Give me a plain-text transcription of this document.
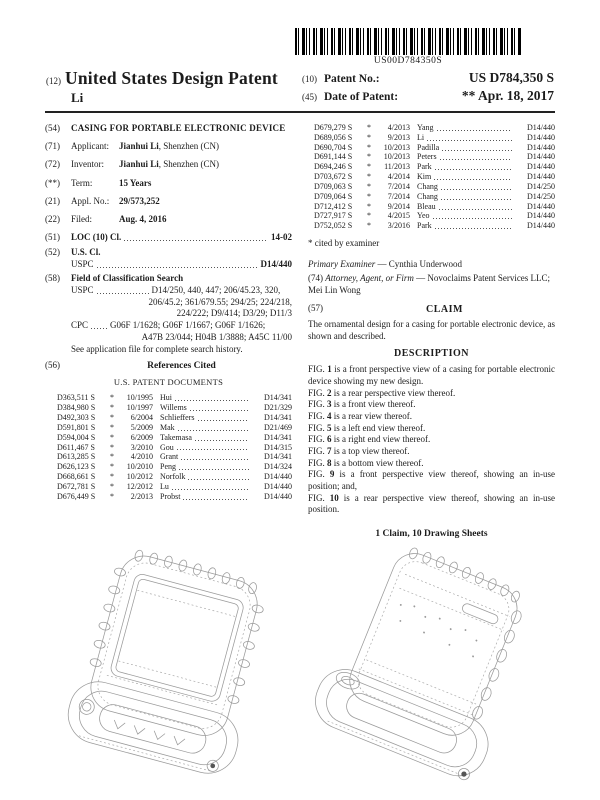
US00D784350S
(12) United States Design Patent
Li
(10) Patent No.:	US D784,350 S
(45) Date of Patent:	** Apr. 18, 2017
(54)	CASING FOR PORTABLE ELECTRONIC DEVICE
(71)	Applicant: Jianhui Li, Shenzhen (CN)
(72)	Inventor: Jianhui Li, Shenzhen (CN)
(**)	Term:	15 Years
(21)	Appl. No.: 29/573,252
(22)	Filed:	Aug. 4, 2016
(51)	LOC (10) Cl.	14-02
(52)	U.S. Cl.
USPC	D14/440
(58)	Field of Classification Search
USPC	D14/250, 440, 447; 206/45.23, 320,
206/45.2; 361/679.55; 294/25; 224/218,
224/222; D9/414; D3/29; D11/3
CPC G06F 1/1628; G06F 1/1667; G06F 1/1626;
A47B 23/044; H04B 1/3888; A45C 11/00
See application file for complete search history.
(56)	References Cited
U.S. PATENT DOCUMENTS
D363,511 S	*	10/1995 Hui	D14/341
D384,980 S	*	10/1997 Willems	D21/329
D492,303 S	*	6/2004 Schlieffers	D14/341
D591,801 S	*	5/2009 Mak	D21/469
D594,004 S	*	6/2009 Takemasa	D14/341
D611,467 S	*	3/2010 Gou	D14/315
D613,285 S	*	4/2010 Grant	D14/341
D626,123 S	*	10/2010 Peng	D14/324
D668,661 S	*	10/2012 Norfolk	D14/440
D672,781 S	*	12/2012 Lu	D14/440
D676,449 S	*	2/2013 Probst	D14/440
D679,279 S	*	4/2013 Yang	D14/440
D689,056 S	*	9/2013 Li	D14/440
D690,704 S	*	10/2013 Padilla	D14/440
D691,144 S	*	10/2013 Peters	D14/440
D694,246 S	*	11/2013 Park	D14/440
D703,672 S	*	4/2014 Kim	D14/440
D709,063 S	*	7/2014 Chang	D14/250
D709,064 S	*	7/2014 Chang	D14/250
D712,412 S	*	9/2014 Bleau	D14/440
D727,917 S	*	4/2015 Yeo	D14/440
D752,052 S	*	3/2016 Park	D14/440
* cited by examiner
Primary Examiner — Cynthia Underwood
(74) Attorney, Agent, or Firm — Novoclaims Patent Services LLC; Mei Lin Wong
(57)	CLAIM
The ornamental design for a casing for portable electronic device, as shown and described.
DESCRIPTION
FIG. 1 is a front perspective view of a casing for portable electronic device showing my new design.
FIG. 2 is a rear perspective view thereof.
FIG. 3 is a front view thereof.
FIG. 4 is a rear view thereof.
FIG. 5 is a left end view thereof.
FIG. 6 is a right end view thereof.
FIG. 7 is a top view thereof.
FIG. 8 is a bottom view thereof.
FIG. 9 is a front perspective view thereof, showing an in-use position; and,
FIG. 10 is a rear perspective view thereof, showing an in-use position.
1 Claim, 10 Drawing Sheets
